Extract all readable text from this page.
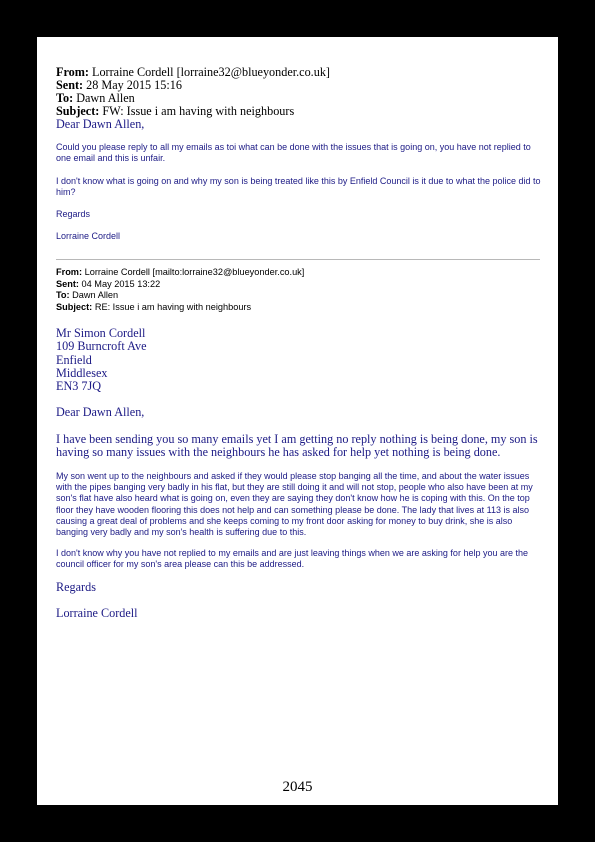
From: Lorraine Cordell [lorraine32@blueyonder.co.uk]
Sent: 28 May 2015 15:16
To: Dawn Allen
Subject: FW: Issue i am having with neighbours
Dear Dawn Allen,

Could you please reply to all my emails as toi what can be done with the issues that is going on, you have not replied to one email and this is unfair.

I don't know what is going on and why my son is being treated like this by Enfield Council is it due to what the police did to him?

Regards

Lorraine Cordell

From: Lorraine Cordell [mailto:lorraine32@blueyonder.co.uk]
Sent: 04 May 2015 13:22
To: Dawn Allen
Subject: RE: Issue i am having with neighbours
Mr Simon Cordell
109 Burncroft Ave
Enfield
Middlesex
EN3 7JQ

Dear Dawn Allen,

I have been sending you so many emails yet I am getting no reply nothing is being done, my son is having so many issues with the neighbours he has asked for help yet nothing is being done.

My son went up to the neighbours and asked if they would please stop banging all the time, and about the water issues with the pipes banging very badly in his flat, but they are still doing it and will not stop, people who also have been at my son's flat have also heard what is going on, even they are saying they don't know how he is coping with this. On the top floor they have wooden flooring this does not help and can something please be done. The lady that lives at 113 is also causing a great deal of problems and she keeps coming to my front door asking for money to buy drink, she is also banging very badly and my son's health is suffering due to this.

I don't know why you have not replied to my emails and are just leaving things when we are asking for help you are the council officer for my son's area please can this be addressed.

Regards

Lorraine Cordell

2045
